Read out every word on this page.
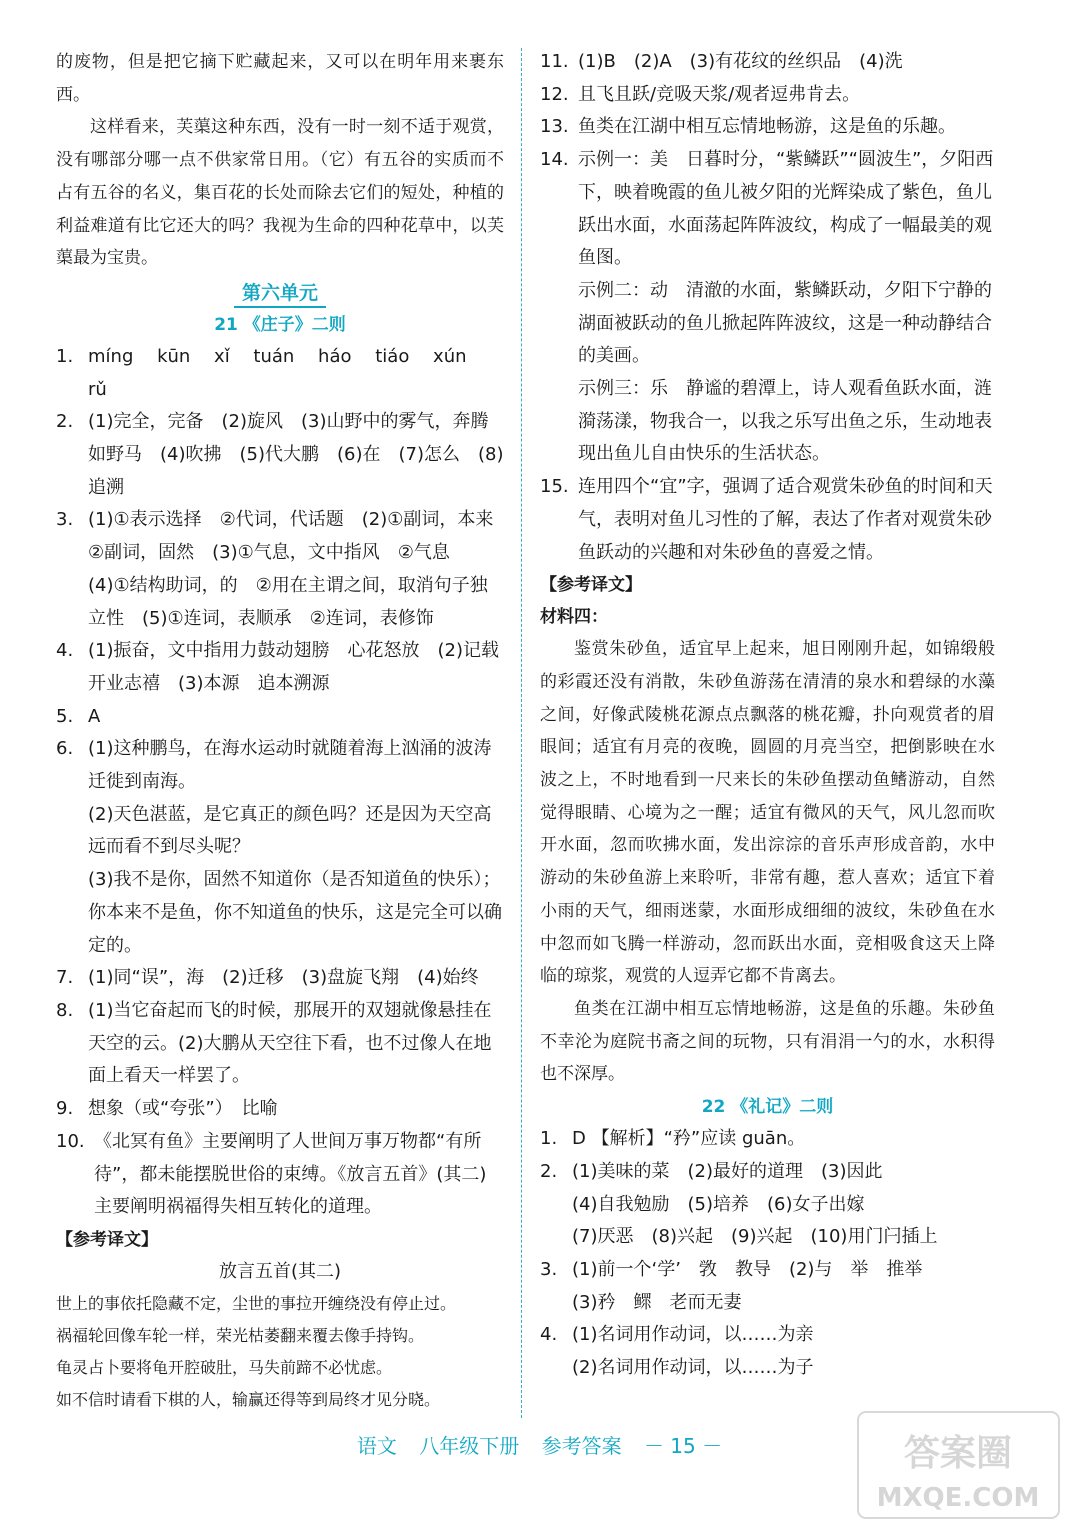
的废物，但是把它摘下贮藏起来，又可以在明年用来裹东西。

这样看来，芙蕖这种东西，没有一时一刻不适于观赏，没有哪部分哪一点不供家常日用。（它）有五谷的实质而不占有五谷的名义，集百花的长处而除去它们的短处，种植的利益难道有比它还大的吗？我视为生命的四种花草中，以芙蕖最为宝贵。

第六单元
21 《庄子》二则
1. míng kūn xǐ tuán háo tiáo xún rǔ
2. (1)完全，完备　(2)旋风　(3)山野中的雾气，奔腾如野马　(4)吹拂　(5)代大鹏　(6)在　(7)怎么　(8)追溯
3. (1)①表示选择　②代词，代话题　(2)①副词，本来　②副词，固然　(3)①气息，文中指风　②气息　(4)①结构助词，的　②用在主谓之间，取消句子独立性　(5)①连词，表顺承　②连词，表修饰
4. (1)振奋，文中指用力鼓动翅膀　心花怒放　(2)记载　开业志禧　(3)本源　追本溯源
5. A
6. (1)这种鹏鸟，在海水运动时就随着海上汹涌的波涛迁徙到南海。
(2)天色湛蓝，是它真正的颜色吗？还是因为天空高远而看不到尽头呢？
(3)我不是你，固然不知道你（是否知道鱼的快乐）；你本来不是鱼，你不知道鱼的快乐，这是完全可以确定的。
7. (1)同“误”，海　(2)迁移　(3)盘旋飞翔　(4)始终
8. (1)当它奋起而飞的时候，那展开的双翅就像悬挂在天空的云。(2)大鹏从天空往下看，也不过像人在地面上看天一样罢了。
9. 想象（或“夸张”）　比喻
10. 《北冥有鱼》主要阐明了人世间万事万物都“有所待”，都未能摆脱世俗的束缚。《放言五首》(其二)主要阐明祸福得失相互转化的道理。
【参考译文】
放言五首(其二)

世上的事依托隐藏不定，尘世的事拉开缠绕没有停止过。

祸福轮回像车轮一样，荣光枯萎翻来覆去像手持钩。

龟灵占卜要将龟开腔破肚，马失前蹄不必忧虑。

如不信时请看下棋的人，输赢还得等到局终才见分晓。

11. (1)B　(2)A　(3)有花纹的丝织品　(4)洗
12. 且飞且跃/竞吸天浆/观者逗弗肯去。
13. 鱼类在江湖中相互忘情地畅游，这是鱼的乐趣。
14. 示例一：美　日暮时分，“紫鳞跃”“圆波生”，夕阳西下，映着晚霞的鱼儿被夕阳的光辉染成了紫色，鱼儿跃出水面，水面荡起阵阵波纹，构成了一幅最美的观鱼图。
示例二：动　清澈的水面，紫鳞跃动，夕阳下宁静的湖面被跃动的鱼儿掀起阵阵波纹，这是一种动静结合的美画。
示例三：乐　静谧的碧潭上，诗人观看鱼跃水面，涟漪荡漾，物我合一，以我之乐写出鱼之乐，生动地表现出鱼儿自由快乐的生活状态。
15. 连用四个“宜”字，强调了适合观赏朱砂鱼的时间和天气，表明对鱼儿习性的了解，表达了作者对观赏朱砂鱼跃动的兴趣和对朱砂鱼的喜爱之情。
【参考译文】
材料四：

鉴赏朱砂鱼，适宜早上起来，旭日刚刚升起，如锦缎般的彩霞还没有消散，朱砂鱼游荡在清清的泉水和碧绿的水藻之间，好像武陵桃花源点点飘落的桃花瓣，扑向观赏者的眉眼间；适宜有月亮的夜晚，圆圆的月亮当空，把倒影映在水波之上，不时地看到一尺来长的朱砂鱼摆动鱼鳍游动，自然觉得眼睛、心境为之一醒；适宜有微风的天气，风儿忽而吹开水面，忽而吹拂水面，发出淙淙的音乐声形成音韵，水中游动的朱砂鱼游上来聆听，非常有趣，惹人喜欢；适宜下着小雨的天气，细雨迷蒙，水面形成细细的波纹，朱砂鱼在水中忽而如飞腾一样游动，忽而跃出水面，竞相吸食这天上降临的琼浆，观赏的人逗弄它都不肯离去。

鱼类在江湖中相互忘情地畅游，这是鱼的乐趣。朱砂鱼不幸沦为庭院书斋之间的玩物，只有涓涓一勺的水，水积得也不深厚。

22 《礼记》二则
1. D 【解析】“矜”应读 guān。
2. (1)美味的菜　(2)最好的道理　(3)因此
(4)自我勉励　(5)培养　(6)女子出嫁
(7)厌恶　(8)兴起　(9)兴起　(10)用门闩插上
3. (1)前一个‘学’　敩　教导　(2)与　举　推举
(3)矜　鳏　老而无妻
4. (1)名词用作动词，以……为亲
(2)名词用作动词，以……为子
语文 八年级下册 参考答案 － 15 －	答案圈
MXQE.COM
